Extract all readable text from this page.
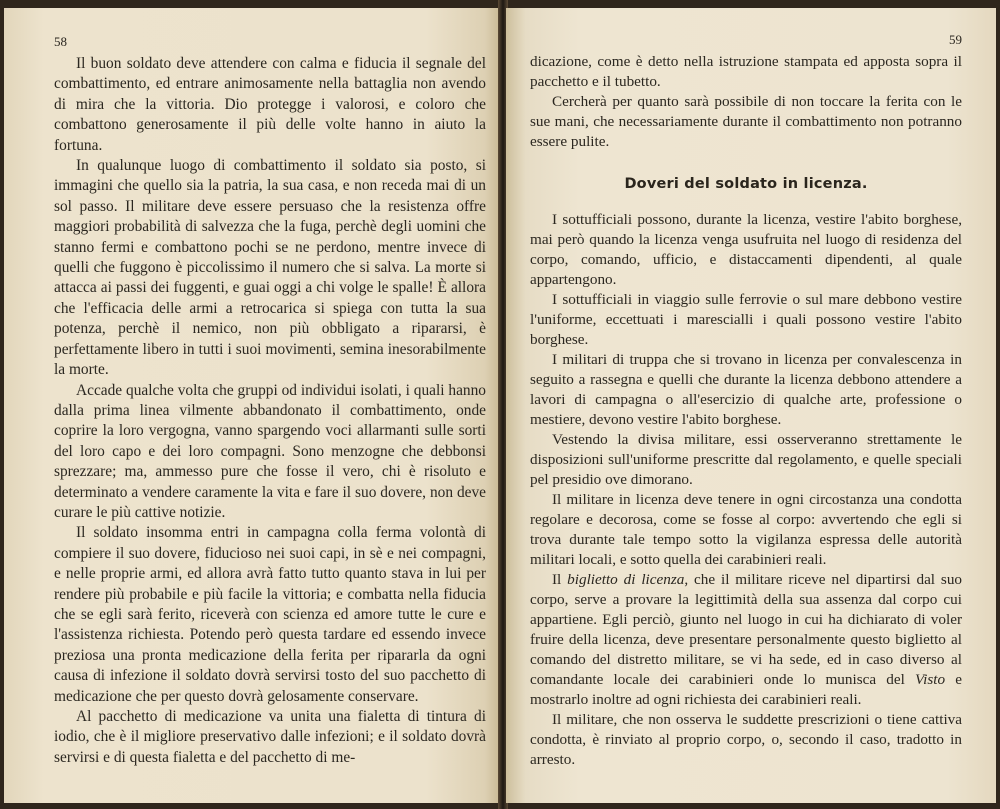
58

Il buon soldato deve attendere con calma e fiducia il segnale del combattimento, ed entrare animosamente nella battaglia non avendo di mira che la vittoria. Dio protegge i valorosi, e coloro che combattono generosamente il più delle volte hanno in aiuto la fortuna.

In qualunque luogo di combattimento il soldato sia posto, si immagini che quello sia la patria, la sua casa, e non receda mai di un sol passo. Il militare deve essere persuaso che la resistenza offre maggiori probabilità di salvezza che la fuga, perchè degli uomini che stanno fermi e combattono pochi se ne perdono, mentre invece di quelli che fuggono è piccolissimo il numero che si salva. La morte si attacca ai passi dei fuggenti, e guai oggi a chi volge le spalle! È allora che l'efficacia delle armi a retrocarica si spiega con tutta la sua potenza, perchè il nemico, non più obbligato a ripararsi, è perfettamente libero in tutti i suoi movimenti, semina inesorabilmente la morte.

Accade qualche volta che gruppi od individui isolati, i quali hanno dalla prima linea vilmente abbandonato il combattimento, onde coprire la loro vergogna, vanno spargendo voci allarmanti sulle sorti del loro capo e dei loro compagni. Sono menzogne che debbonsi sprezzare; ma, ammesso pure che fosse il vero, chi è risoluto e determinato a vendere caramente la vita e fare il suo dovere, non deve curare le più cattive notizie.

Il soldato insomma entri in campagna colla ferma volontà di compiere il suo dovere, fiducioso nei suoi capi, in sè e nei compagni, e nelle proprie armi, ed allora avrà fatto tutto quanto stava in lui per rendere più probabile e più facile la vittoria; e combatta nella fiducia che se egli sarà ferito, riceverà con scienza ed amore tutte le cure e l'assistenza richiesta. Potendo però questa tardare ed essendo invece preziosa una pronta medicazione della ferita per ripararla da ogni causa di infezione il soldato dovrà servirsi tosto del suo pacchetto di medicazione che per questo dovrà gelosamente conservare.

Al pacchetto di medicazione va unita una fialetta di tintura di iodio, che è il migliore preservativo dalle infezioni; e il soldato dovrà servirsi e di questa fialetta e del pacchetto di me-

59

dicazione, come è detto nella istruzione stampata ed apposta sopra il pacchetto e il tubetto.

Cercherà per quanto sarà possibile di non toccare la ferita con le sue mani, che necessariamente durante il combattimento non potranno essere pulite.

Doveri del soldato in licenza.

I sottufficiali possono, durante la licenza, vestire l'abito borghese, mai però quando la licenza venga usufruita nel luogo di residenza del corpo, comando, ufficio, e distaccamenti dipendenti, al quale appartengono.

I sottufficiali in viaggio sulle ferrovie o sul mare debbono vestire l'uniforme, eccettuati i marescialli i quali possono vestire l'abito borghese.

I militari di truppa che si trovano in licenza per convalescenza in seguito a rassegna e quelli che durante la licenza debbono attendere a lavori di campagna o all'esercizio di qualche arte, professione o mestiere, devono vestire l'abito borghese.

Vestendo la divisa militare, essi osserveranno strettamente le disposizioni sull'uniforme prescritte dal regolamento, e quelle speciali pel presidio ove dimorano.

Il militare in licenza deve tenere in ogni circostanza una condotta regolare e decorosa, come se fosse al corpo: avvertendo che egli si trova durante tale tempo sotto la vigilanza espressa delle autorità militari locali, e sotto quella dei carabinieri reali.

Il biglietto di licenza, che il militare riceve nel dipartirsi dal suo corpo, serve a provare la legittimità della sua assenza dal corpo cui appartiene. Egli perciò, giunto nel luogo in cui ha dichiarato di voler fruire della licenza, deve presentare personalmente questo biglietto al comando del distretto militare, se vi ha sede, ed in caso diverso al comandante locale dei carabinieri onde lo munisca del Visto e mostrarlo inoltre ad ogni richiesta dei carabinieri reali.

Il militare, che non osserva le suddette prescrizioni o tiene cattiva condotta, è rinviato al proprio corpo, o, secondo il caso, tradotto in arresto.
